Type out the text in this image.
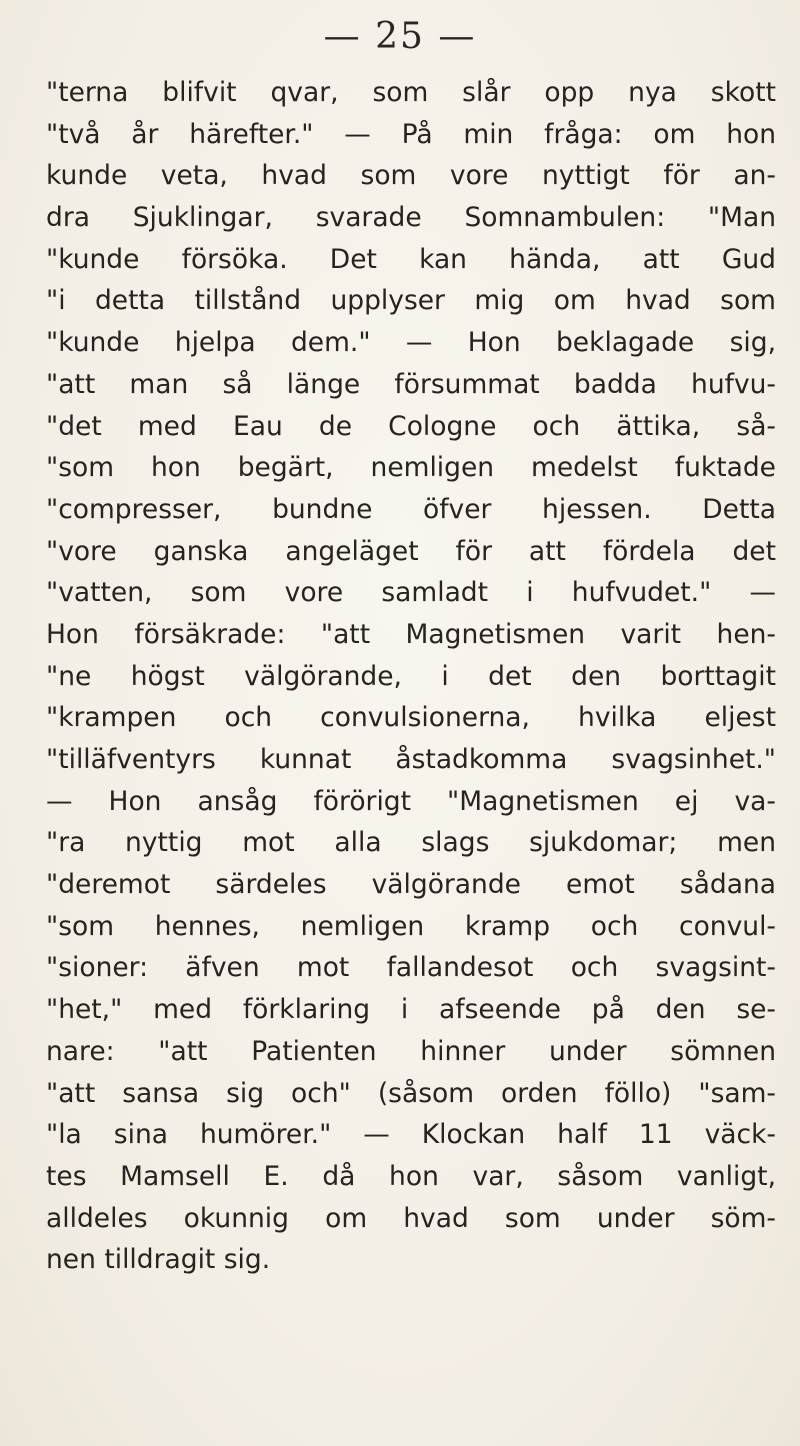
— 25 —
"terna blifvit qvar, som slår opp nya skott
"två år härefter." — På min fråga: om hon
kunde veta, hvad som vore nyttigt för an-
dra Sjuklingar, svarade Somnambulen: "Man
"kunde försöka. Det kan hända, att Gud
"i detta tillstånd upplyser mig om hvad som
"kunde hjelpa dem." — Hon beklagade sig,
"att man så länge försummat badda hufvu-
"det med Eau de Cologne och ättika, så-
"som hon begärt, nemligen medelst fuktade
"compresser, bundne öfver hjessen. Detta
"vore ganska angeläget för att fördela det
"vatten, som vore samladt i hufvudet." —
Hon försäkrade: "att Magnetismen varit hen-
"ne högst välgörande, i det den borttagit
"krampen och convulsionerna, hvilka eljest
"tilläfventyrs kunnat åstadkomma svagsinhet."
— Hon ansåg förörigt "Magnetismen ej va-
"ra nyttig mot alla slags sjukdomar; men
"deremot särdeles välgörande emot sådana
"som hennes, nemligen kramp och convul-
"sioner: äfven mot fallandesot och svagsint-
"het," med förklaring i afseende på den se-
nare: "att Patienten hinner under sömnen
"att sansa sig och" (såsom orden föllo) "sam-
"la sina humörer." — Klockan half 11 väck-
tes Mamsell E. då hon var, såsom vanligt,
alldeles okunnig om hvad som under söm-
nen tilldragit sig.
